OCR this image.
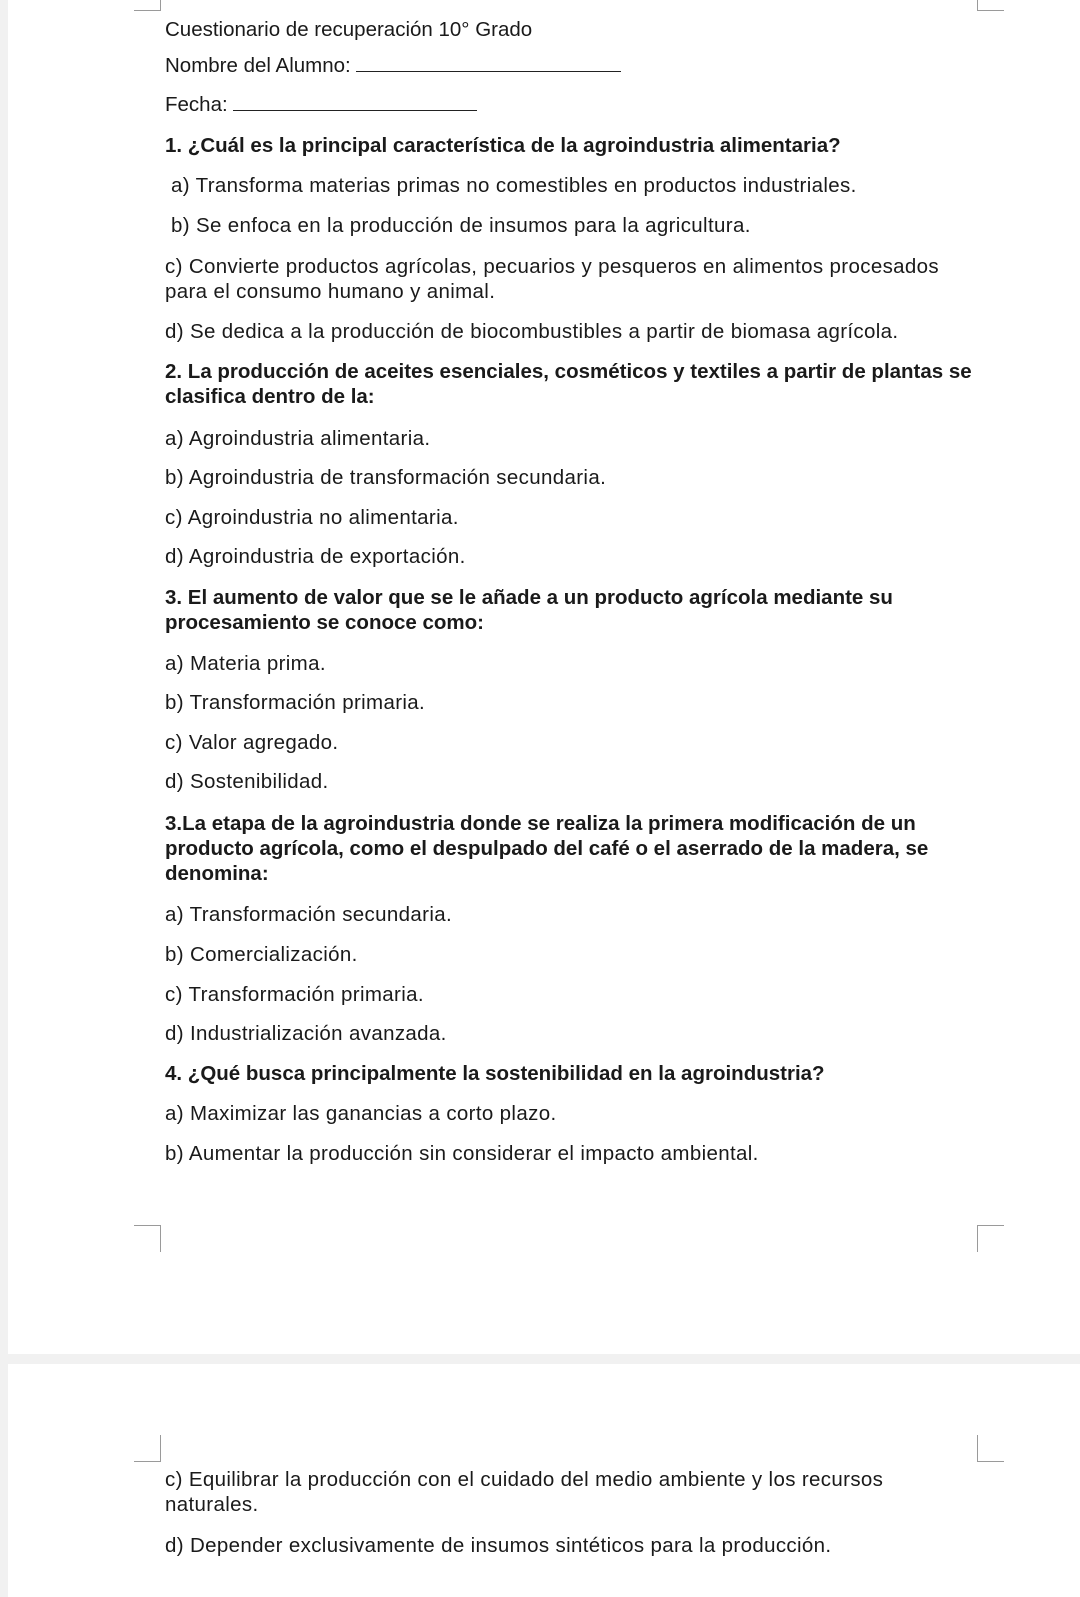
Cuestionario de recuperación 10° Grado
Nombre del Alumno:
Fecha:
1. ¿Cuál es la principal característica de la agroindustria alimentaria?
a) Transforma materias primas no comestibles en productos industriales.
b) Se enfoca en la producción de insumos para la agricultura.
c) Convierte productos agrícolas, pecuarios y pesqueros en alimentos procesados
para el consumo humano y animal.
d) Se dedica a la producción de biocombustibles a partir de biomasa agrícola.
2. La producción de aceites esenciales, cosméticos y textiles a partir de plantas se
clasifica dentro de la:
a) Agroindustria alimentaria.
b) Agroindustria de transformación secundaria.
c) Agroindustria no alimentaria.
d) Agroindustria de exportación.
3. El aumento de valor que se le añade a un producto agrícola mediante su
procesamiento se conoce como:
a) Materia prima.
b) Transformación primaria.
c) Valor agregado.
d) Sostenibilidad.
3.La etapa de la agroindustria donde se realiza la primera modificación de un
producto agrícola, como el despulpado del café o el aserrado de la madera, se
denomina:
a) Transformación secundaria.
b) Comercialización.
c) Transformación primaria.
d) Industrialización avanzada.
4. ¿Qué busca principalmente la sostenibilidad en la agroindustria?
a) Maximizar las ganancias a corto plazo.
b) Aumentar la producción sin considerar el impacto ambiental.
c) Equilibrar la producción con el cuidado del medio ambiente y los recursos
naturales.
d) Depender exclusivamente de insumos sintéticos para la producción.
